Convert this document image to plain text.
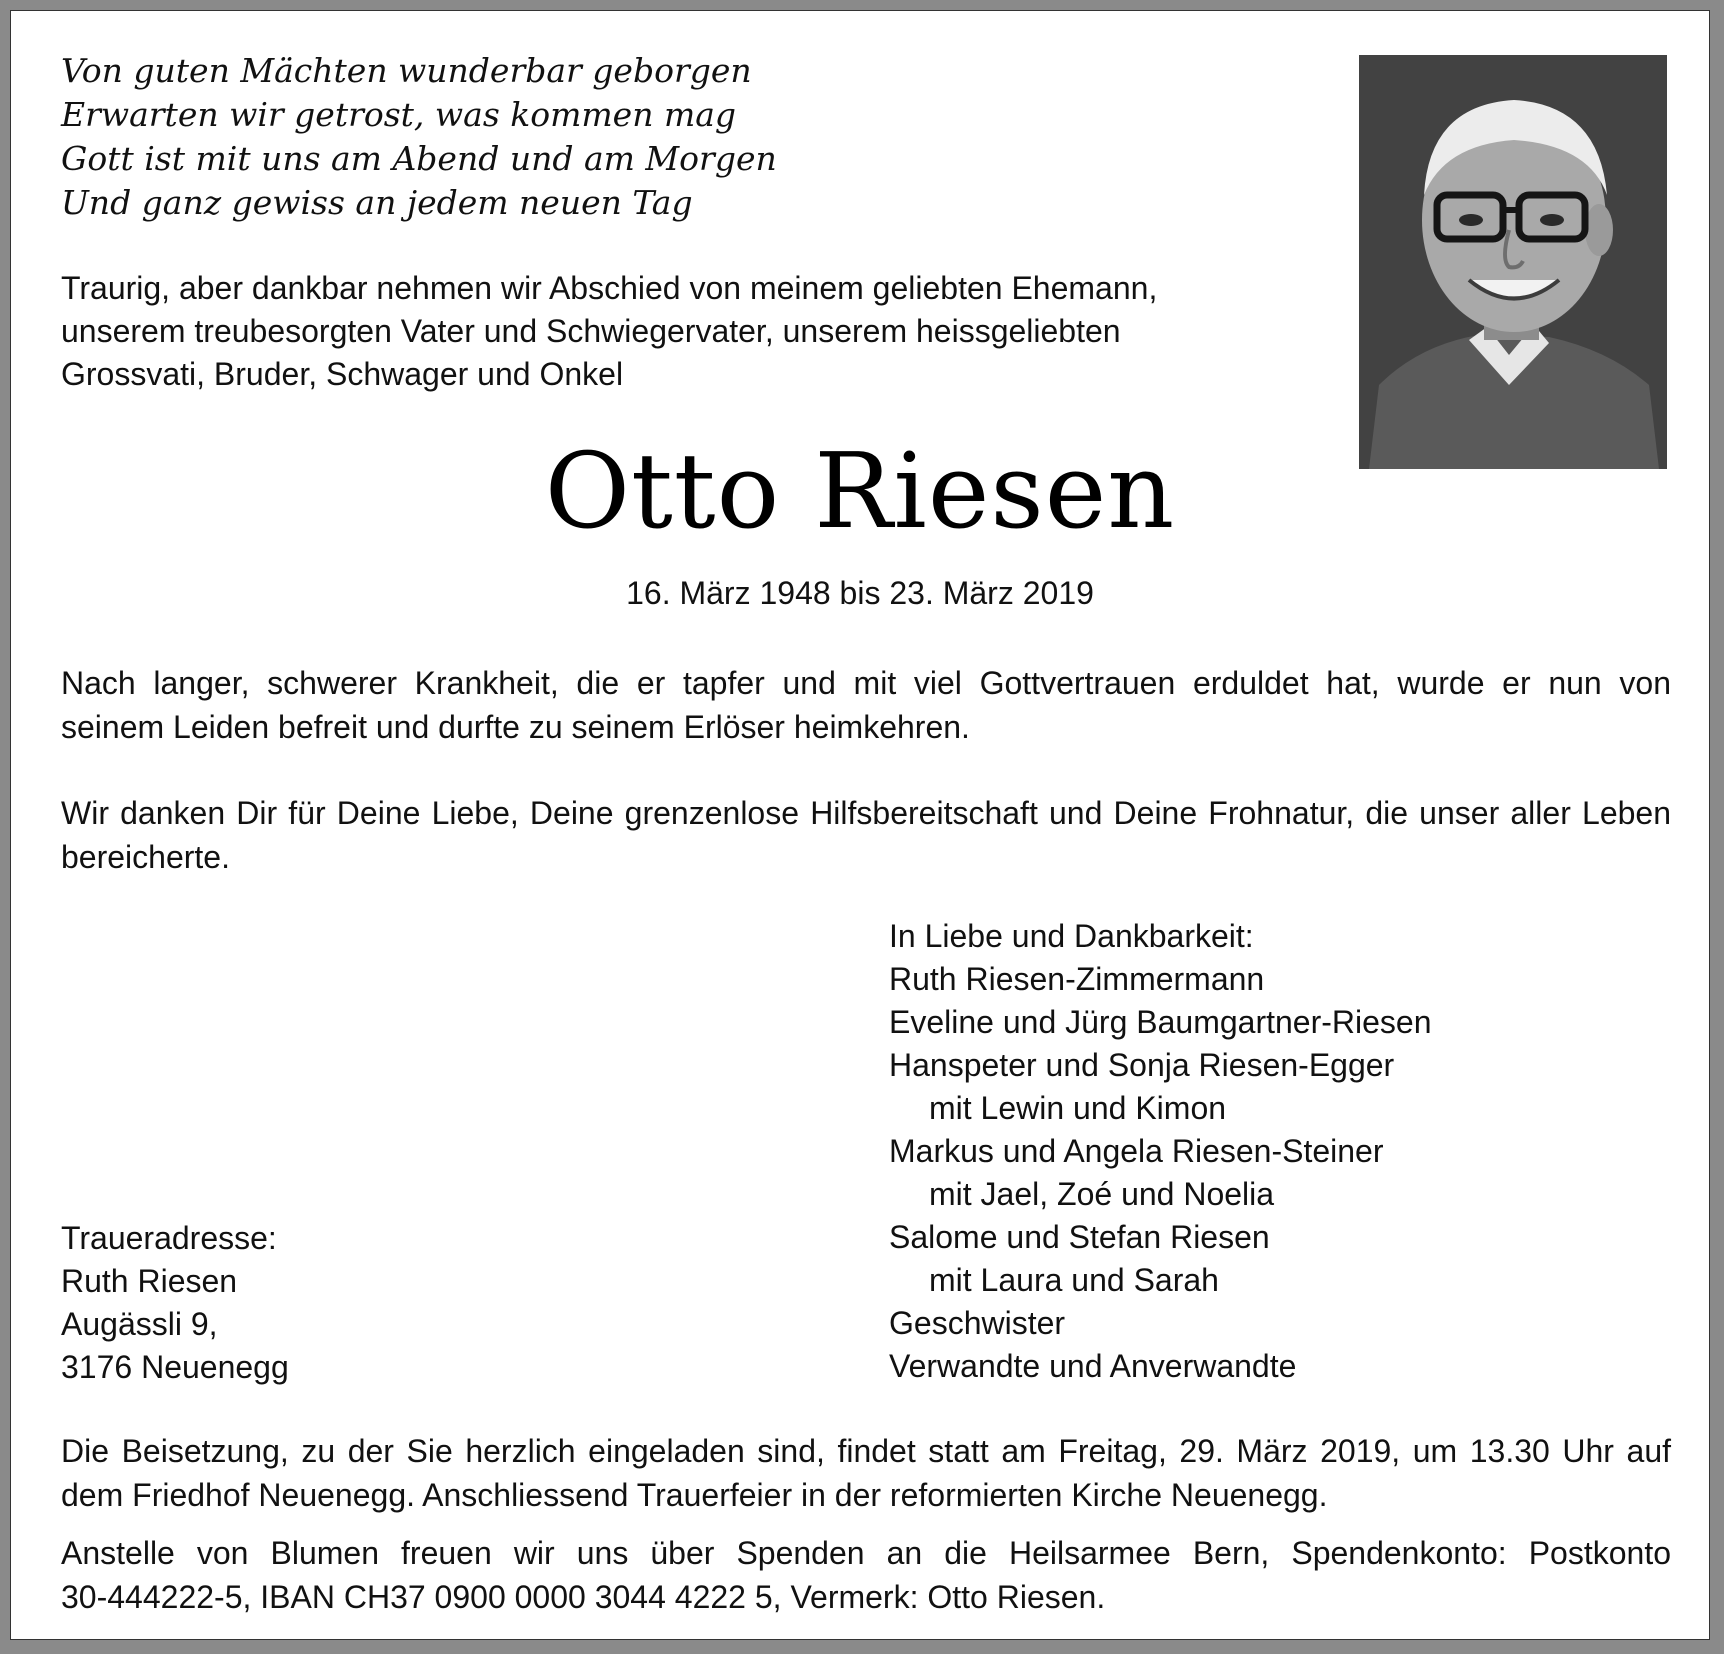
Von guten Mächten wunderbar geborgen
Erwarten wir getrost, was kommen mag
Gott ist mit uns am Abend und am Morgen
Und ganz gewiss an jedem neuen Tag
Traurig, aber dankbar nehmen wir Abschied von meinem geliebten Ehemann,
unserem treubesorgten Vater und Schwiegervater, unserem heissgeliebten
Grossvati, Bruder, Schwager und Onkel
Otto Riesen
16. März 1948 bis 23. März 2019
Nach langer, schwerer Krankheit, die er tapfer und mit viel Gottvertrauen erduldet hat, wurde er nun von
seinem Leiden befreit und durfte zu seinem Erlöser heimkehren.
Wir danken Dir für Deine Liebe, Deine grenzenlose Hilfsbereitschaft und Deine Frohnatur, die unser aller Leben
bereicherte.
In Liebe und Dankbarkeit:
Ruth Riesen-Zimmermann
Eveline und Jürg Baumgartner-Riesen
Hanspeter und Sonja Riesen-Egger
mit Lewin und Kimon
Markus und Angela Riesen-Steiner
mit Jael, Zoé und Noelia
Salome und Stefan Riesen
mit Laura und Sarah
Geschwister
Verwandte und Anverwandte
Traueradresse:
Ruth Riesen
Augässli 9,
3176 Neuenegg
Die Beisetzung, zu der Sie herzlich eingeladen sind, findet statt am Freitag, 29. März 2019, um 13.30 Uhr auf
dem Friedhof Neuenegg. Anschliessend Trauerfeier in der reformierten Kirche Neuenegg.
Anstelle von Blumen freuen wir uns über Spenden an die Heilsarmee Bern, Spendenkonto: Postkonto
30-444222-5, IBAN CH37 0900 0000 3044 4222 5, Vermerk: Otto Riesen.
